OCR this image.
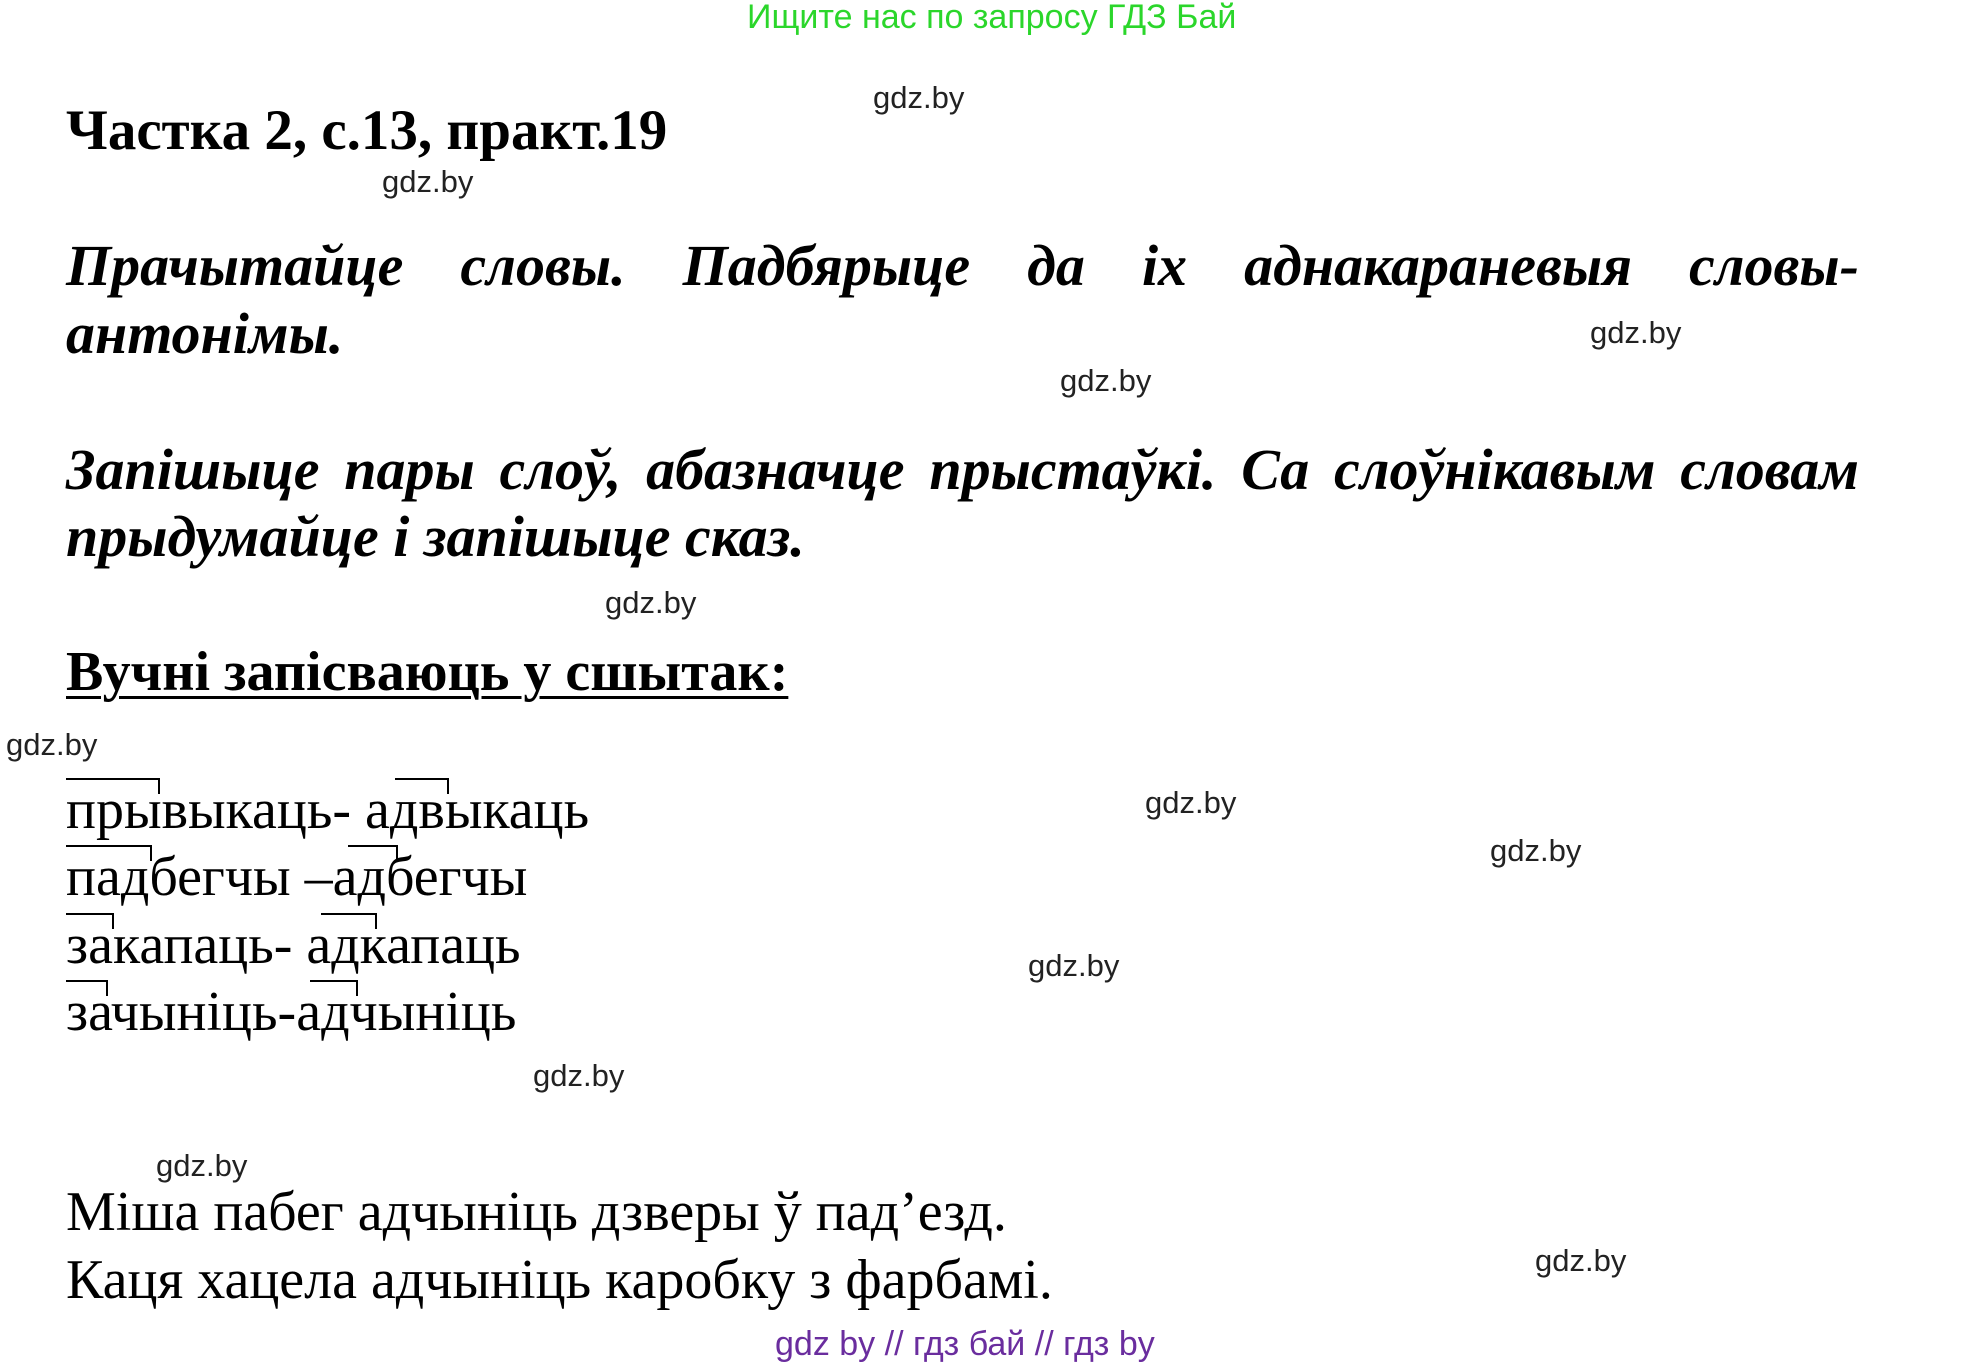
Ищите нас по запросу ГДЗ Бай
gdz.by
gdz.by
gdz.by
gdz.by
gdz.by
gdz.by
gdz.by
gdz.by
gdz.by
gdz.by
gdz.by
gdz.by
Частка 2, с.13, практ.19
Прачытайце словы. Падбярыце да іх аднакараневыя словы-
антонімы.
Запішыце пары слоў, абазначце прыстаўкі. Са слоўнікавым словам
прыдумайце і запішыце сказ.
Вучні запісваюць у сшытак:
прывыкаць- адвыкаць
падбегчы –адбегчы
закапаць- адкапаць
зачыніць-адчыніць
Міша пабег адчыніць дзверы ў пад’езд.
Каця хацела адчыніць каробку з фарбамі.
gdz by // гдз бай // гдз by
